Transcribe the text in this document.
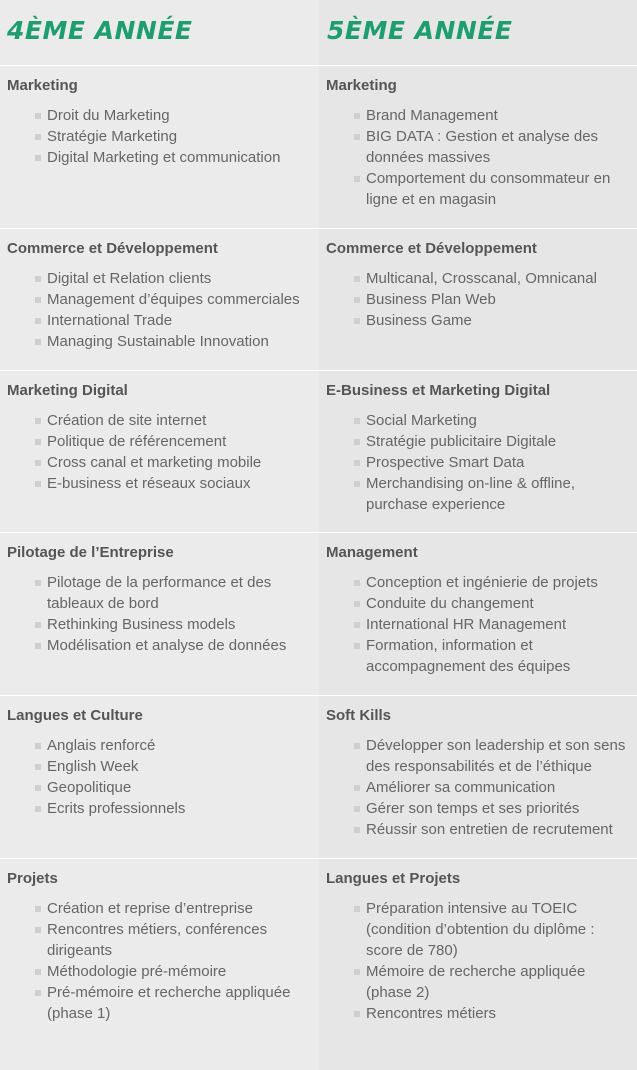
4ÈME ANNÉE	5ÈME ANNÉE
Marketing
Droit du Marketing
Stratégie Marketing
Digital Marketing et communication
Marketing
Brand Management
BIG DATA : Gestion et analyse des données massives
Comportement du consommateur en ligne et en magasin
Commerce et Développement
Digital et Relation clients
Management d’équipes commerciales
International Trade
Managing Sustainable Innovation
Commerce et Développement
Multicanal, Crosscanal, Omnicanal
Business Plan Web
Business Game
Marketing Digital
Création de site internet
Politique de référencement
Cross canal et marketing mobile
E-business et réseaux sociaux
E-Business et Marketing Digital
Social Marketing
Stratégie publicitaire Digitale
Prospective Smart Data
Merchandising on-line & offline, purchase experience
Pilotage de l’Entreprise
Pilotage de la performance et des tableaux de bord
Rethinking Business models
Modélisation et analyse de données
Management
Conception et ingénierie de projets
Conduite du changement
International HR Management
Formation, information et accompagnement des équipes
Langues et Culture
Anglais renforcé
English Week
Geopolitique
Ecrits professionnels
Soft Kills
Développer son leadership et son sens des responsabilités et de l’éthique
Améliorer sa communication
Gérer son temps et ses priorités
Réussir son entretien de recrutement
Projets
Création et reprise d’entreprise
Rencontres métiers, conférences dirigeants
Méthodologie pré-mémoire
Pré-mémoire et recherche appliquée (phase 1)
Langues et Projets
Préparation intensive au TOEIC (condition d’obtention du diplôme : score de 780)
Mémoire de recherche appliquée (phase 2)
Rencontres métiers
